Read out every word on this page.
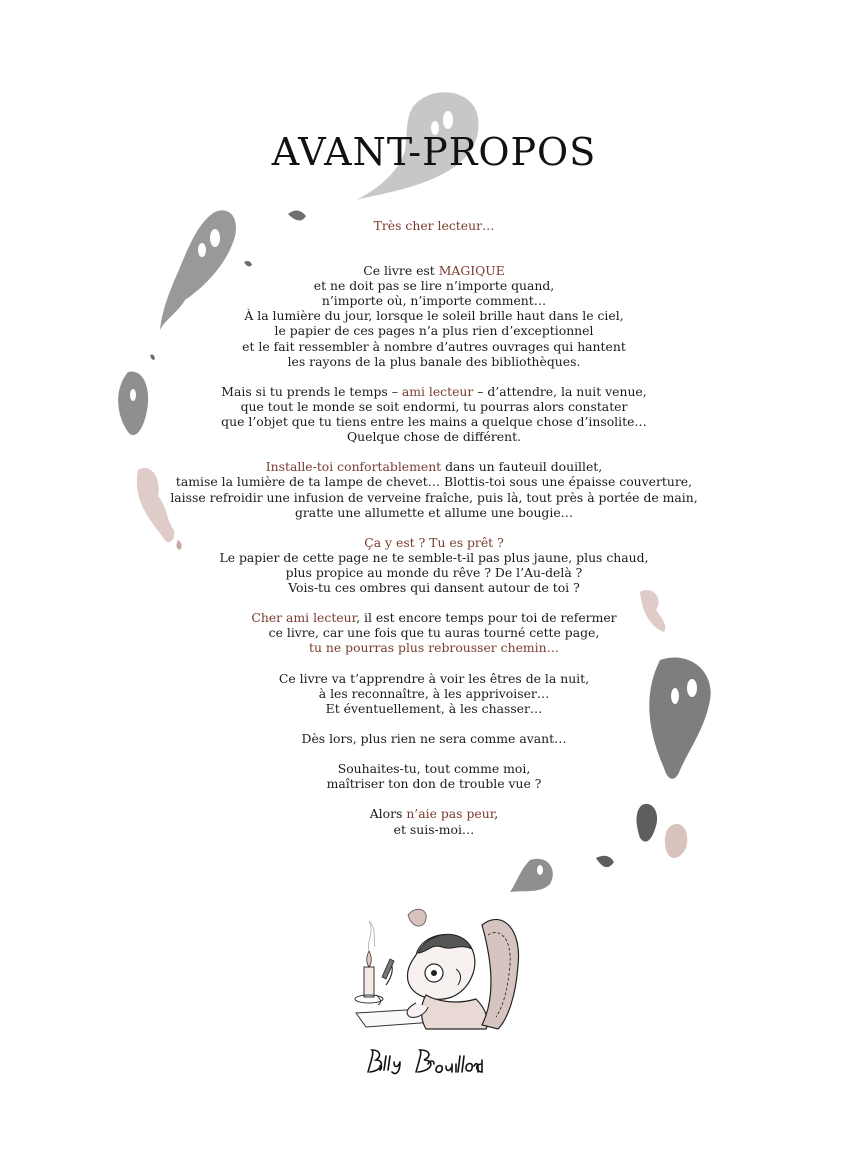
AVANT-PROPOS

Très cher lecteur…

Ce livre est MAGIQUE

et ne doit pas se lire n’importe quand,

n’importe où, n’importe comment…

À la lumière du jour, lorsque le soleil brille haut dans le ciel,

le papier de ces pages n’a plus rien d’exceptionnel

et le fait ressembler à nombre d’autres ouvrages qui hantent

les rayons de la plus banale des bibliothèques.

Mais si tu prends le temps – ami lecteur – d’attendre, la nuit venue,

que tout le monde se soit endormi, tu pourras alors constater

que l’objet que tu tiens entre les mains a quelque chose d’insolite…

Quelque chose de différent.

Installe-toi confortablement dans un fauteuil douillet,

tamise la lumière de ta lampe de chevet… Blottis-toi sous une épaisse couverture,

laisse refroidir une infusion de verveine fraîche, puis là, tout près à portée de main,

gratte une allumette et allume une bougie…

Ça y est ? Tu es prêt ?

Le papier de cette page ne te semble-t-il pas plus jaune, plus chaud,

plus propice au monde du rêve ? De l’Au-delà ?

Vois-tu ces ombres qui dansent autour de toi ?

Cher ami lecteur, il est encore temps pour toi de refermer

ce livre, car une fois que tu auras tourné cette page,

tu ne pourras plus rebrousser chemin…

Ce livre va t’apprendre à voir les êtres de la nuit,

à les reconnaître, à les apprivoiser…

Et éventuellement, à les chasser…

Dès lors, plus rien ne sera comme avant…

Souhaites-tu, tout comme moi,

maîtriser ton don de trouble vue ?

Alors n’aie pas peur,

et suis-moi…
